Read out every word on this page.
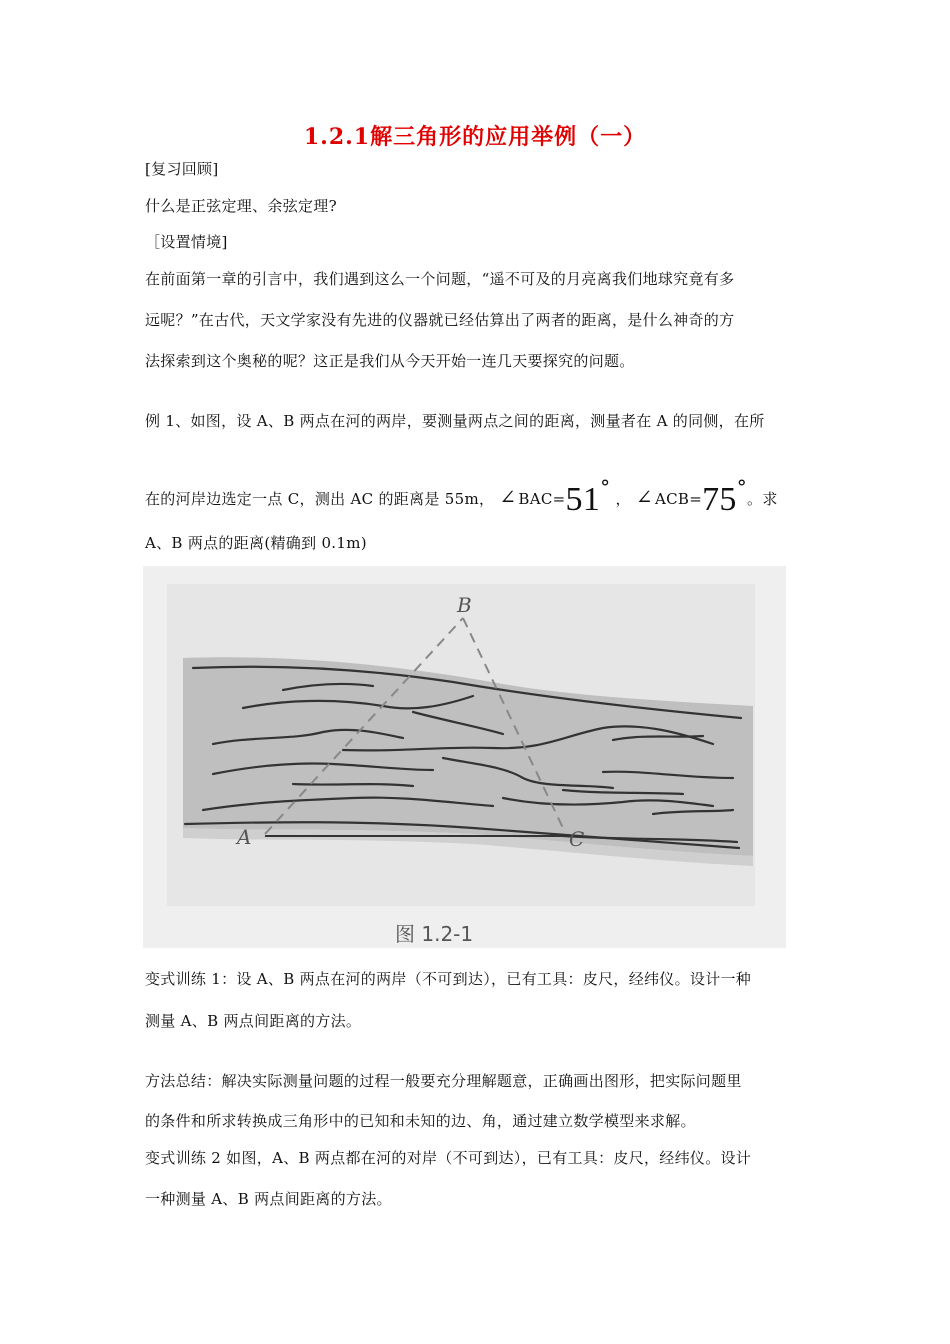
1.2.1解三角形的应用举例（一）
[复习回顾]
什么是正弦定理、余弦定理?
［设置情境]
在前面第一章的引言中，我们遇到这么一个问题，“遥不可及的月亮离我们地球究竟有多
远呢？”在古代，天文学家没有先进的仪器就已经估算出了两者的距离，是什么神奇的方
法探索到这个奥秘的呢？这正是我们从今天开始一连几天要探究的问题。
例 1、如图，设 A、B 两点在河的两岸，要测量两点之间的距离，测量者在 A 的同侧，在所
在的河岸边选定一点 C，测出 AC 的距离是 55m， ∠ BAC=51° ， ∠ ACB=75°。求
A、B 两点的距离(精确到 0.1m)
B
A	C
图 1.2-1
变式训练 1：设 A、B 两点在河的两岸（不可到达），已有工具：皮尺，经纬仪。设计一种
测量 A、B 两点间距离的方法。
方法总结：解决实际测量问题的过程一般要充分理解题意，正确画出图形，把实际问题里
的条件和所求转换成三角形中的已知和未知的边、角，通过建立数学模型来求解。
变式训练 2 如图，A、B 两点都在河的对岸（不可到达），已有工具：皮尺，经纬仪。设计
一种测量 A、B 两点间距离的方法。
